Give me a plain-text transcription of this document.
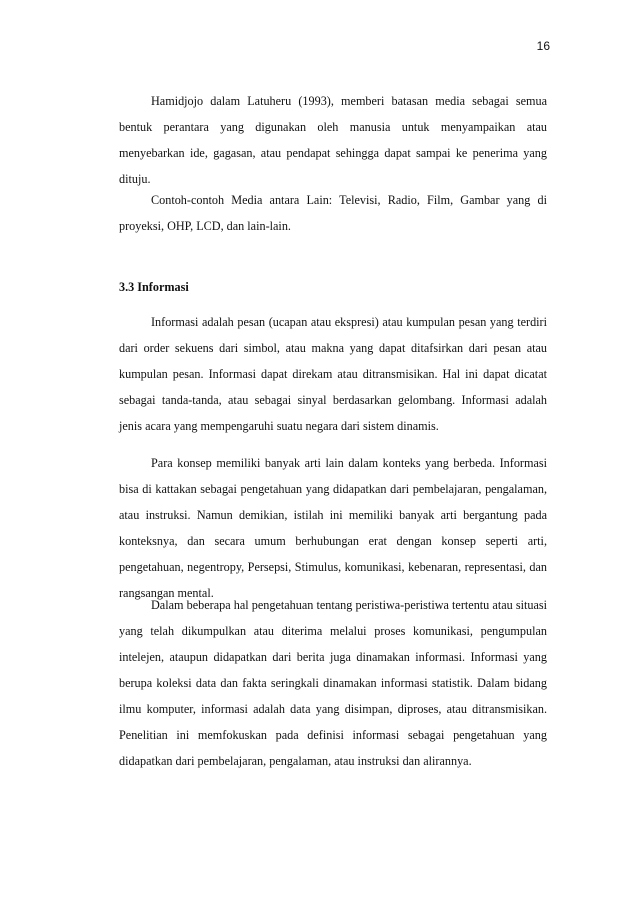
16

Hamidjojo dalam Latuheru (1993), memberi batasan media sebagai semua bentuk perantara yang digunakan oleh manusia untuk menyampaikan atau menyebarkan ide, gagasan, atau pendapat sehingga dapat sampai ke penerima yang dituju.

Contoh-contoh Media antara Lain: Televisi, Radio, Film, Gambar yang di proyeksi, OHP, LCD, dan lain-lain.

3.3 Informasi

Informasi adalah pesan (ucapan atau ekspresi) atau kumpulan pesan yang terdiri dari order sekuens dari simbol, atau makna yang dapat ditafsirkan dari pesan atau kumpulan pesan. Informasi dapat direkam atau ditransmisikan. Hal ini dapat dicatat sebagai tanda-tanda, atau sebagai sinyal berdasarkan gelombang. Informasi adalah jenis acara yang mempengaruhi suatu negara dari sistem dinamis.

Para konsep memiliki banyak arti lain dalam konteks yang berbeda. Informasi bisa di kattakan sebagai pengetahuan yang didapatkan dari pembelajaran, pengalaman, atau instruksi. Namun demikian, istilah ini memiliki banyak arti bergantung pada konteksnya, dan secara umum berhubungan erat dengan konsep seperti arti, pengetahuan, negentropy, Persepsi, Stimulus, komunikasi, kebenaran, representasi, dan rangsangan mental.

Dalam beberapa hal pengetahuan tentang peristiwa-peristiwa tertentu atau situasi yang telah dikumpulkan atau diterima melalui proses komunikasi, pengumpulan intelejen, ataupun didapatkan dari berita juga dinamakan informasi. Informasi yang berupa koleksi data dan fakta seringkali dinamakan informasi statistik. Dalam bidang ilmu komputer, informasi adalah data yang disimpan, diproses, atau ditransmisikan. Penelitian ini memfokuskan pada definisi informasi sebagai pengetahuan yang didapatkan dari pembelajaran, pengalaman, atau instruksi dan alirannya.
